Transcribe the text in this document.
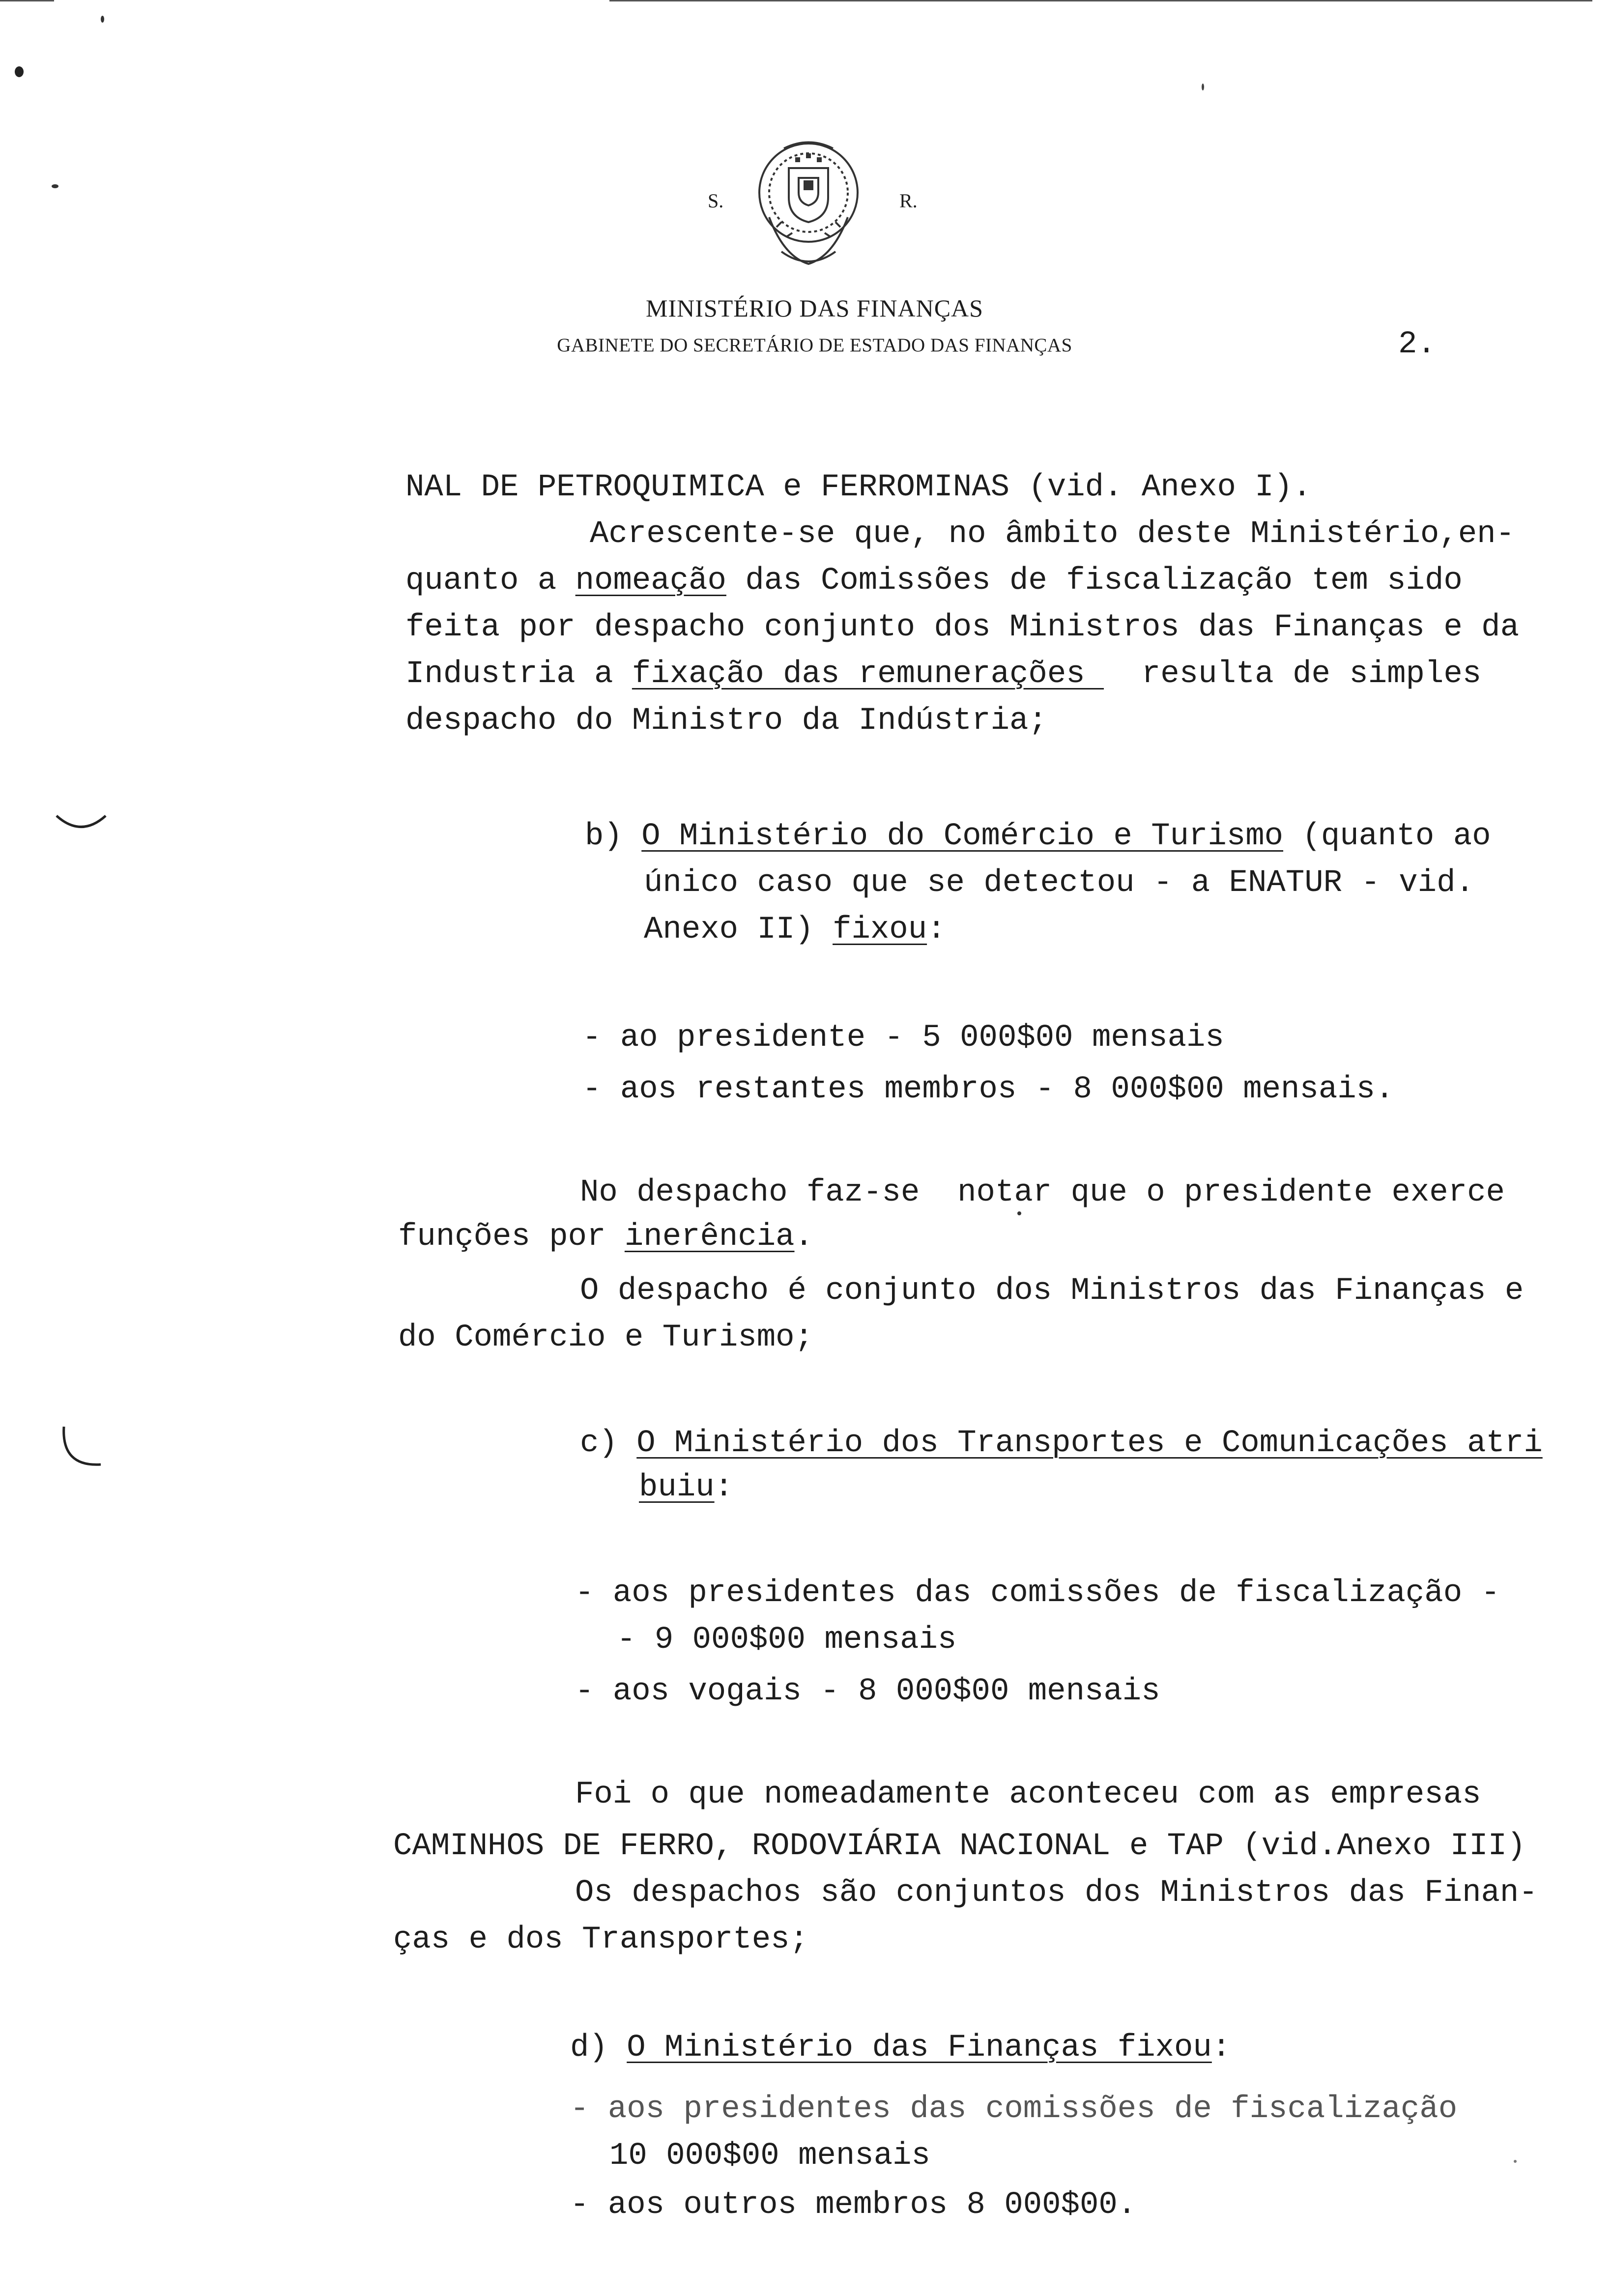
S.	R.
MINISTÉRIO DAS FINANÇAS
GABINETE DO SECRETÁRIO DE ESTADO DAS FINANÇAS	2.
NAL DE PETROQUIMICA e FERROMINAS (vid. Anexo I).
Acrescente-se que, no âmbito deste Ministério,en-
quanto a nomeação das Comissões de fiscalização tem sido
feita por despacho conjunto dos Ministros das Finanças e da
Industria a fixação das remunerações   resulta de simples
despacho do Ministro da Indústria;
b) O Ministério do Comércio e Turismo (quanto ao
único caso que se detectou - a ENATUR - vid.
Anexo II) fixou:
- ao presidente - 5 000$00 mensais
- aos restantes membros - 8 000$00 mensais.
No despacho faz-se  notar que o presidente exerce
funções por inerência.
O despacho é conjunto dos Ministros das Finanças e
do Comércio e Turismo;
c) O Ministério dos Transportes e Comunicações atri
buiu:
- aos presidentes das comissões de fiscalização -
- 9 000$00 mensais
- aos vogais - 8 000$00 mensais
Foi o que nomeadamente aconteceu com as empresas
CAMINHOS DE FERRO, RODOVIÁRIA NACIONAL e TAP (vid.Anexo III)
Os despachos são conjuntos dos Ministros das Finan-
ças e dos Transportes;
d) O Ministério das Finanças fixou:
- aos presidentes das comissões de fiscalização
10 000$00 mensais
- aos outros membros 8 000$00.
